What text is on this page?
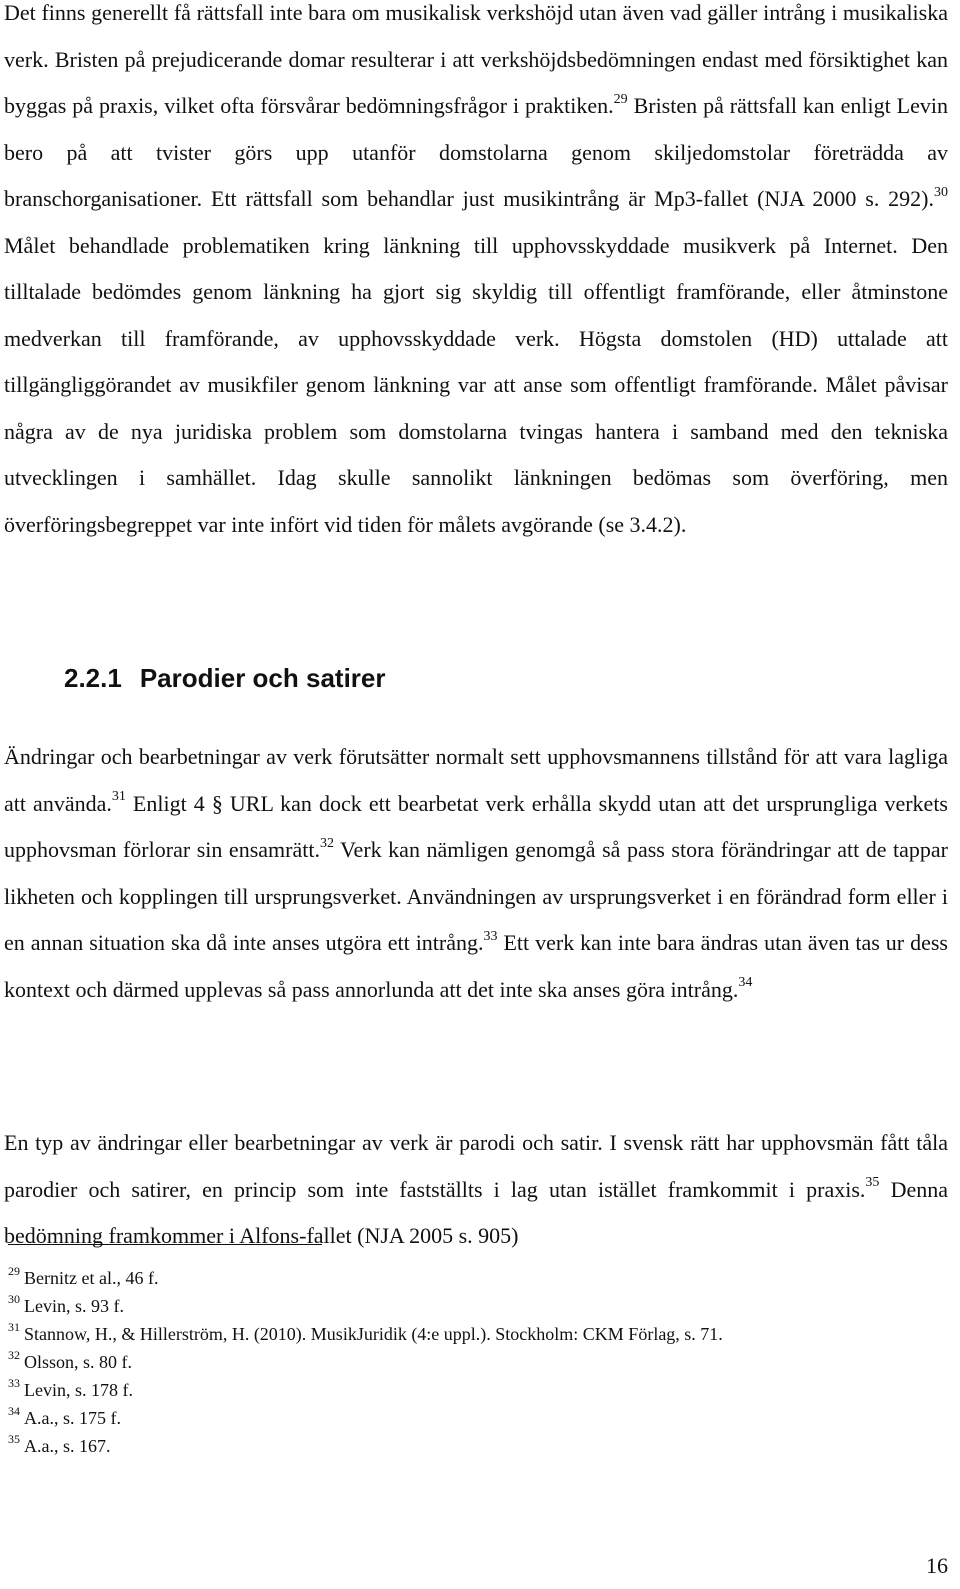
Det finns generellt få rättsfall inte bara om musikalisk verkshöjd utan även vad gäller intrång i musikaliska verk. Bristen på prejudicerande domar resulterar i att verkshöjdsbedömningen endast med försiktighet kan byggas på praxis, vilket ofta försvårar bedömningsfrågor i praktiken.$^{29}$ Bristen på rättsfall kan enligt Levin bero på att tvister görs upp utanför domstolarna genom skiljedomstolar företrädda av branschorganisationer. Ett rättsfall som behandlar just musikintrång är Mp3-fallet (NJA 2000 s. 292).$^{30}$ Målet behandlade problematiken kring länkning till upphovsskyddade musikverk på Internet. Den tilltalade bedömdes genom länkning ha gjort sig skyldig till offentligt framförande, eller åtminstone medverkan till framförande, av upphovsskyddade verk. Högsta domstolen (HD) uttalade att tillgängliggörandet av musikfiler genom länkning var att anse som offentligt framförande. Målet påvisar några av de nya juridiska problem som domstolarna tvingas hantera i samband med den tekniska utvecklingen i samhället. Idag skulle sannolikt länkningen bedömas som överföring, men överföringsbegreppet var inte infört vid tiden för målets avgörande (se 3.4.2).

2.2.1 Parodier och satirer

Ändringar och bearbetningar av verk förutsätter normalt sett upphovsmannens tillstånd för att vara lagliga att använda.$^{31}$ Enligt 4 § URL kan dock ett bearbetat verk erhålla skydd utan att det ursprungliga verkets upphovsman förlorar sin ensamrätt.$^{32}$ Verk kan nämligen genomgå så pass stora förändringar att de tappar likheten och kopplingen till ursprungsverket. Användningen av ursprungsverket i en förändrad form eller i en annan situation ska då inte anses utgöra ett intrång.$^{33}$ Ett verk kan inte bara ändras utan även tas ur dess kontext och därmed upplevas så pass annorlunda att det inte ska anses göra intrång.$^{34}$

En typ av ändringar eller bearbetningar av verk är parodi och satir. I svensk rätt har upphovsmän fått tåla parodier och satirer, en princip som inte fastställts i lag utan istället framkommit i praxis.$^{35}$ Denna bedömning framkommer i Alfons-fallet (NJA 2005 s. 905)

$^{29}$ Bernitz et al., 46 f.
$^{30}$ Levin, s. 93 f.
$^{31}$ Stannow, H., & Hillerström, H. (2010). MusikJuridik (4:e uppl.). Stockholm: CKM Förlag, s. 71.
$^{32}$ Olsson, s. 80 f.
$^{33}$ Levin, s. 178 f.
$^{34}$ A.a., s. 175 f.
$^{35}$ A.a., s. 167.
16
